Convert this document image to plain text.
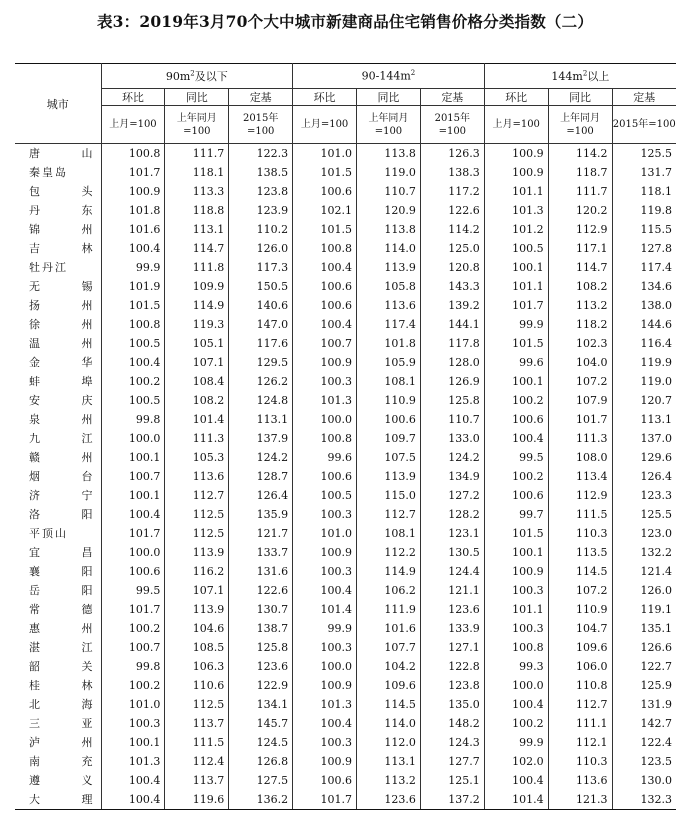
表3：2019年3月70个大中城市新建商品住宅销售价格分类指数（二）
城市	$90m^2$及以下			$90-144m^2$			$144m^2$以上		
	环比	同比	定基	环比	同比	定基	环比	同比	定基
	上月=100	上年同月=100	2015年=100	上月=100	上年同月=100	2015年=100	上月=100	上年同月=100	2015年=100

唐山	100.8	111.7	122.3	101.0	113.8	126.3	100.9	114.2	125.5

秦皇岛	101.7	118.1	138.5	101.5	119.0	138.3	100.9	118.7	131.7

包头	100.9	113.3	123.8	100.6	110.7	117.2	101.1	111.7	118.1

丹东	101.8	118.8	123.9	102.1	120.9	122.6	101.3	120.2	119.8

锦州	101.6	113.1	110.2	101.5	113.8	114.2	101.2	112.9	115.5

吉林	100.4	114.7	126.0	100.8	114.0	125.0	100.5	117.1	127.8

牡丹江	99.9	111.8	117.3	100.4	113.9	120.8	100.1	114.7	117.4

无锡	101.9	109.9	150.5	100.6	105.8	143.3	101.1	108.2	134.6

扬州	101.5	114.9	140.6	100.6	113.6	139.2	101.7	113.2	138.0

徐州	100.8	119.3	147.0	100.4	117.4	144.1	99.9	118.2	144.6

温州	100.5	105.1	117.6	100.7	101.8	117.8	101.5	102.3	116.4

金华	100.4	107.1	129.5	100.9	105.9	128.0	99.6	104.0	119.9

蚌埠	100.2	108.4	126.2	100.3	108.1	126.9	100.1	107.2	119.0

安庆	100.5	108.2	124.8	101.3	110.9	125.8	100.2	107.9	120.7

泉州	99.8	101.4	113.1	100.0	100.6	110.7	100.6	101.7	113.1

九江	100.0	111.3	137.9	100.8	109.7	133.0	100.4	111.3	137.0

赣州	100.1	105.3	124.2	99.6	107.5	124.2	99.5	108.0	129.6

烟台	100.7	113.6	128.7	100.6	113.9	134.9	100.2	113.4	126.4

济宁	100.1	112.7	126.4	100.5	115.0	127.2	100.6	112.9	123.3

洛阳	100.4	112.5	135.9	100.3	112.7	128.2	99.7	111.5	125.5

平顶山	101.7	112.5	121.7	101.0	108.1	123.1	101.5	110.3	123.0

宜昌	100.0	113.9	133.7	100.9	112.2	130.5	100.1	113.5	132.2

襄阳	100.6	116.2	131.6	100.3	114.9	124.4	100.9	114.5	121.4

岳阳	99.5	107.1	122.6	100.4	106.2	121.1	100.3	107.2	126.0

常德	101.7	113.9	130.7	101.4	111.9	123.6	101.1	110.9	119.1

惠州	100.2	104.6	138.7	99.9	101.6	133.9	100.3	104.7	135.1

湛江	100.7	108.5	125.8	100.3	107.7	127.1	100.8	109.6	126.6

韶关	99.8	106.3	123.6	100.0	104.2	122.8	99.3	106.0	122.7

桂林	100.2	110.6	122.9	100.9	109.6	123.8	100.0	110.8	125.9

北海	101.0	112.5	134.1	101.3	114.5	135.0	100.4	112.7	131.9

三亚	100.3	113.7	145.7	100.4	114.0	148.2	100.2	111.1	142.7

泸州	100.1	111.5	124.5	100.3	112.0	124.3	99.9	112.1	122.4

南充	101.3	112.4	126.8	100.9	113.1	127.7	102.0	110.3	123.5

遵义	100.4	113.7	127.5	100.6	113.2	125.1	100.4	113.6	130.0

大理	100.4	119.6	136.2	101.7	123.6	137.2	101.4	121.3	132.3
